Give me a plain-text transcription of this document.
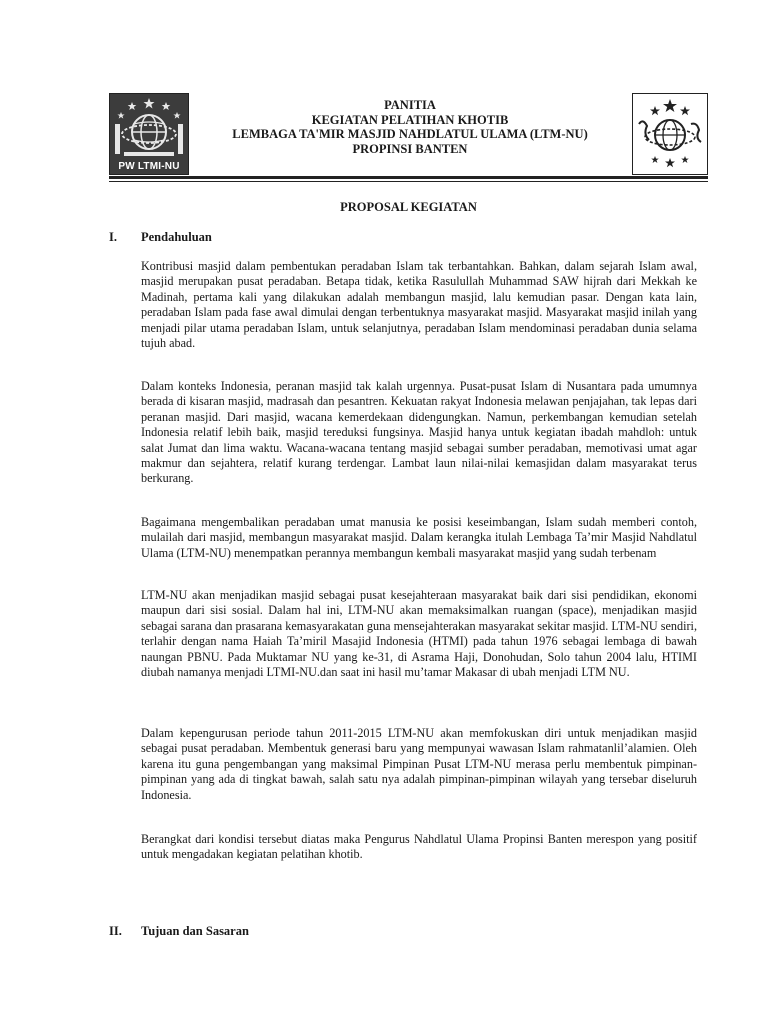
PW LTMI-NU
PANITIA
KEGIATAN PELATIHAN KHOTIB
LEMBAGA TA'MIR MASJID NAHDLATUL ULAMA (LTM-NU)
PROPINSI BANTEN
PROPOSAL KEGIATAN
I. Pendahuluan
Kontribusi masjid dalam pembentukan peradaban Islam tak terbantahkan. Bahkan, dalam sejarah Islam awal, masjid merupakan pusat peradaban. Betapa tidak, ketika Rasulullah Muhammad SAW hijrah dari Mekkah ke Madinah, pertama kali yang dilakukan adalah membangun masjid, lalu kemudian pasar. Dengan kata lain, peradaban Islam pada fase awal dimulai dengan terbentuknya masyarakat masjid. Masyarakat masjid inilah yang menjadi pilar utama peradaban Islam, untuk selanjutnya, peradaban Islam mendominasi peradaban dunia selama tujuh abad.
Dalam konteks Indonesia, peranan masjid tak kalah urgennya. Pusat-pusat Islam di Nusantara pada umumnya berada di kisaran masjid, madrasah dan pesantren. Kekuatan rakyat Indonesia melawan penjajahan, tak lepas dari peranan masjid. Dari masjid, wacana kemerdekaan didengungkan. Namun, perkembangan kemudian setelah Indonesia relatif lebih baik, masjid tereduksi fungsinya. Masjid hanya untuk kegiatan ibadah mahdloh: untuk salat Jumat dan lima waktu. Wacana-wacana tentang masjid sebagai sumber peradaban, memotivasi umat agar makmur dan sejahtera, relatif kurang terdengar. Lambat laun nilai-nilai kemasjidan dalam masyarakat terus berkurang.
Bagaimana mengembalikan peradaban umat manusia ke posisi keseimbangan, Islam sudah memberi contoh, mulailah dari masjid, membangun masyarakat masjid. Dalam kerangka itulah Lembaga Ta’mir Masjid Nahdlatul Ulama (LTM-NU) menempatkan perannya membangun kembali masyarakat masjid yang sudah terbenam
LTM-NU akan menjadikan masjid sebagai pusat kesejahteraan masyarakat baik dari sisi pendidikan, ekonomi maupun dari sisi sosial. Dalam hal ini, LTM-NU akan memaksimalkan ruangan (space), menjadikan masjid sebagai sarana dan prasarana kemasyarakatan guna mensejahterakan masyarakat sekitar masjid. LTM-NU sendiri, terlahir dengan nama Haiah Ta’miril Masajid Indonesia (HTMI) pada tahun 1976 sebagai lembaga di bawah naungan PBNU. Pada Muktamar NU yang ke-31, di Asrama Haji, Donohudan, Solo tahun 2004 lalu, HTIMI diubah namanya menjadi LTMI-NU.dan saat ini hasil mu’tamar Makasar di ubah menjadi LTM NU.
Dalam kepengurusan periode tahun 2011-2015 LTM-NU akan memfokuskan diri untuk menjadikan masjid sebagai pusat peradaban. Membentuk generasi baru yang mempunyai wawasan Islam rahmatanlil’alamien. Oleh karena itu guna pengembangan yang maksimal Pimpinan Pusat LTM-NU merasa perlu membentuk pimpinan-pimpinan yang ada di tingkat bawah, salah satu nya adalah pimpinan-pimpinan wilayah yang tersebar diseluruh Indonesia.
Berangkat dari kondisi tersebut diatas maka Pengurus Nahdlatul Ulama Propinsi Banten merespon yang positif untuk mengadakan kegiatan pelatihan khotib.
II. Tujuan dan Sasaran
